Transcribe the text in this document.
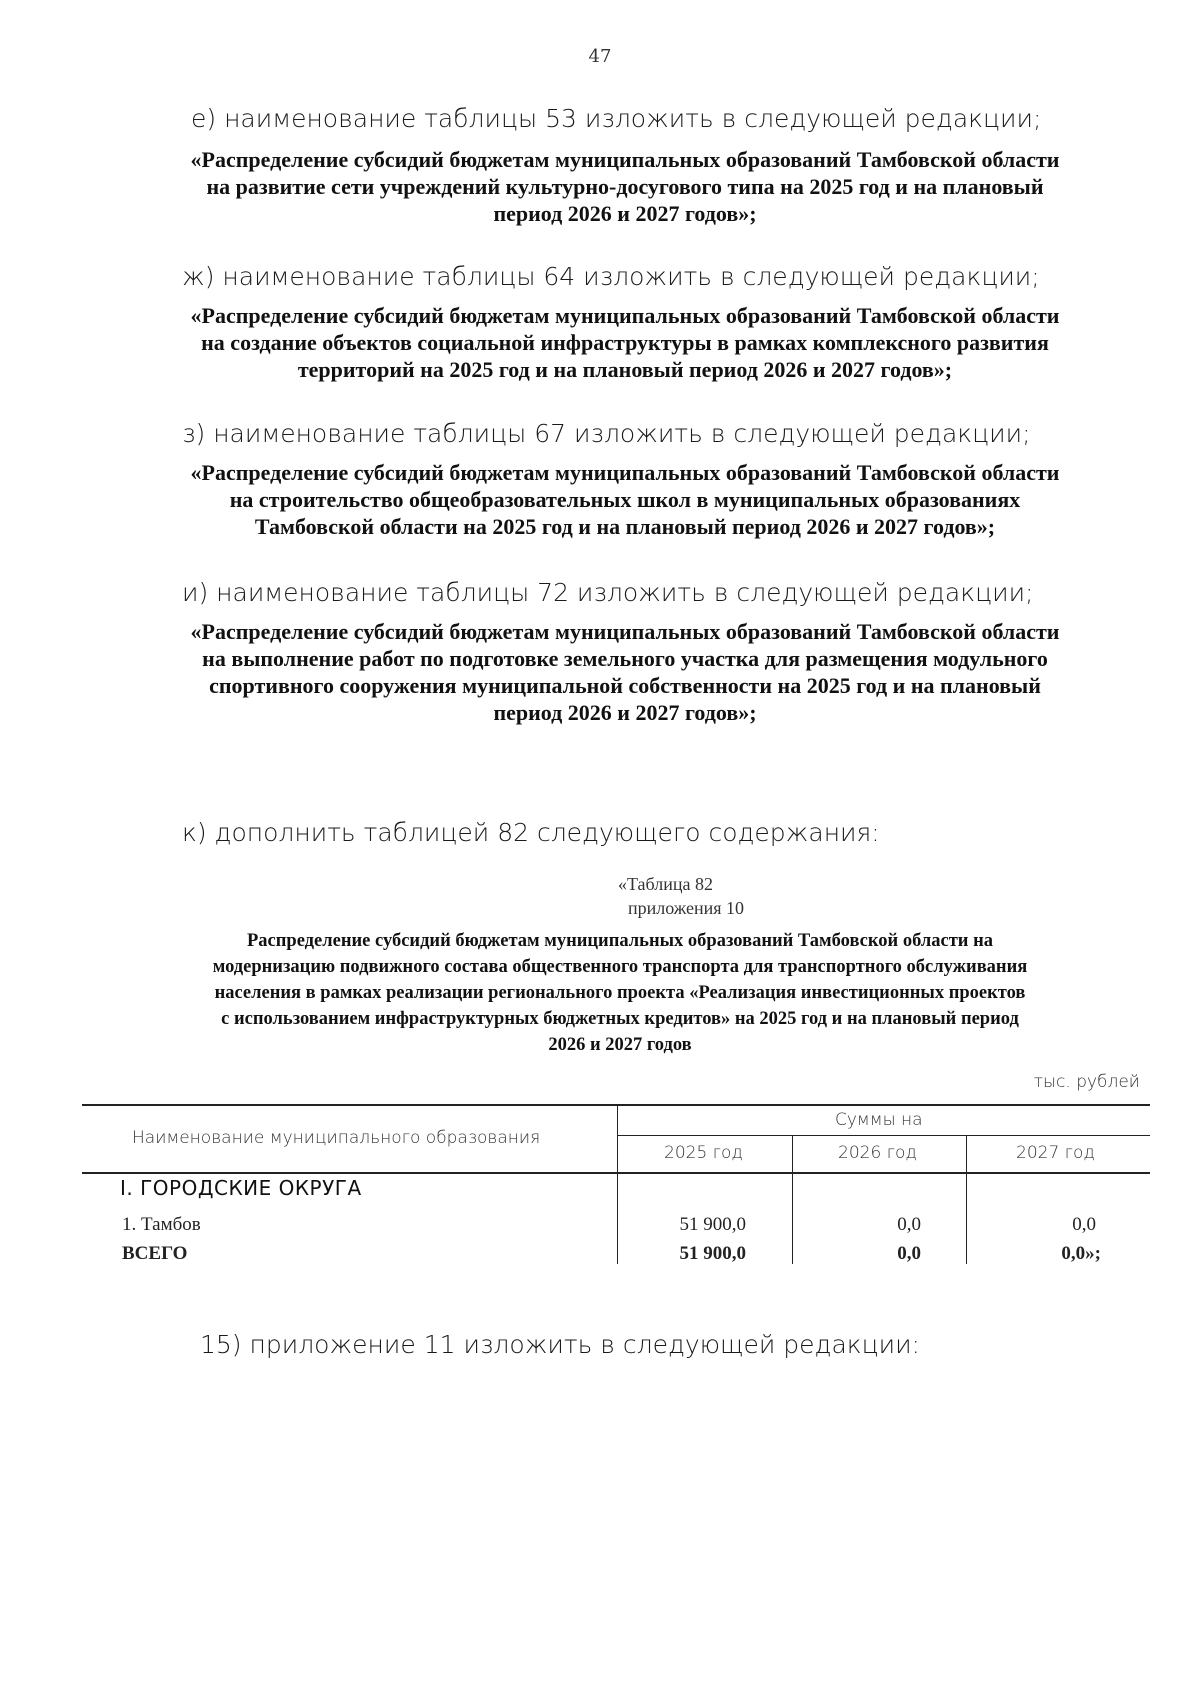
47
е) наименование таблицы 53 изложить в следующей редакции;
«Распределение субсидий бюджетам муниципальных образований Тамбовской области
на развитие сети учреждений культурно-досугового типа на 2025 год и на плановый
период 2026 и 2027 годов»;
ж) наименование таблицы 64 изложить в следующей редакции;
«Распределение субсидий бюджетам муниципальных образований Тамбовской области
на создание объектов социальной инфраструктуры в рамках комплексного развития
территорий на 2025 год и на плановый период 2026 и 2027 годов»;
з) наименование таблицы 67 изложить в следующей редакции;
«Распределение субсидий бюджетам муниципальных образований Тамбовской области
на строительство общеобразовательных школ в муниципальных образованиях
Тамбовской области на 2025 год и на плановый период 2026 и 2027 годов»;
и) наименование таблицы 72 изложить в следующей редакции;
«Распределение субсидий бюджетам муниципальных образований Тамбовской области
на выполнение работ по подготовке земельного участка для размещения модульного
спортивного сооружения муниципальной собственности на 2025 год и на плановый
период 2026 и 2027 годов»;
к) дополнить таблицей 82 следующего содержания:
«Таблица 82
приложения 10
Распределение субсидий бюджетам муниципальных образований Тамбовской области на
модернизацию подвижного состава общественного транспорта для транспортного обслуживания
населения в рамках реализации регионального проекта «Реализация инвестиционных проектов
с использованием инфраструктурных бюджетных кредитов» на 2025 год и на плановый период
2026 и 2027 годов
тыс. рублей
Наименование муниципального образования
Суммы на
2025 год	2026 год	2027 год
I. ГОРОДСКИЕ ОКРУГА
1. Тамбов	51 900,0	0,0	0,0
ВСЕГО	51 900,0	0,0	0,0»;
15) приложение 11 изложить в следующей редакции:
